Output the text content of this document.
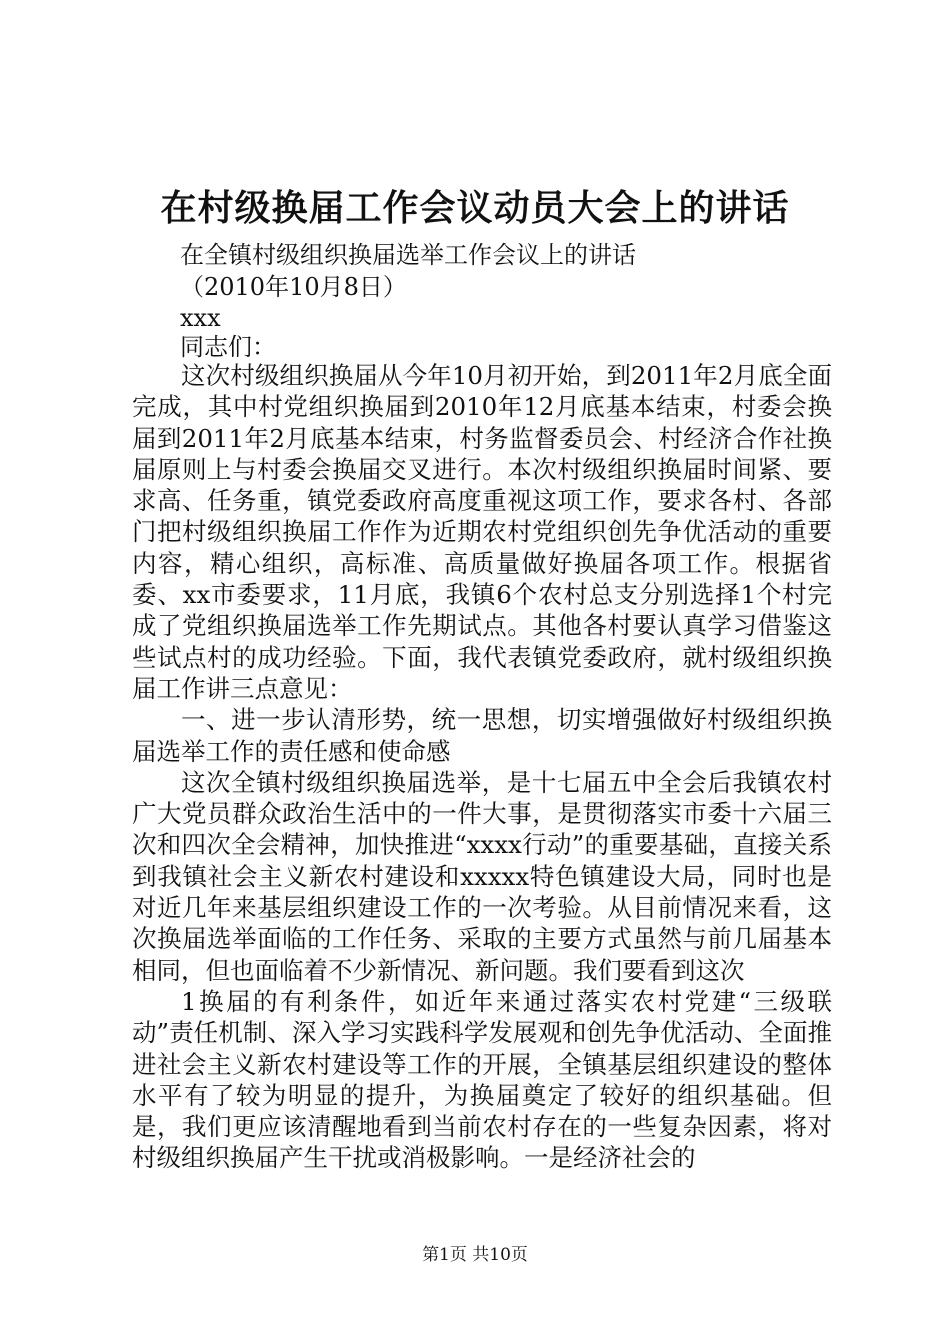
在村级换届工作会议动员大会上的讲话
在全镇村级组织换届选举工作会议上的讲话
（2010年10月8日）
xxx
同志们：

这次村级组织换届从今年10月初开始，到2011年2月底全面完成，其中村党组织换届到2010年12月底基本结束，村委会换届到2011年2月底基本结束，村务监督委员会、村经济合作社换届原则上与村委会换届交叉进行。本次村级组织换届时间紧、要求高、任务重，镇党委政府高度重视这项工作，要求各村、各部门把村级组织换届工作作为近期农村党组织创先争优活动的重要内容，精心组织，高标准、高质量做好换届各项工作。根据省委、xx市委要求，11月底，我镇6个农村总支分别选择1个村完成了党组织换届选举工作先期试点。其他各村要认真学习借鉴这些试点村的成功经验。下面，我代表镇党委政府，就村级组织换届工作讲三点意见：

一、进一步认清形势，统一思想，切实增强做好村级组织换届选举工作的责任感和使命感

这次全镇村级组织换届选举，是十七届五中全会后我镇农村广大党员群众政治生活中的一件大事，是贯彻落实市委十六届三次和四次全会精神，加快推进“xxxx行动”的重要基础，直接关系到我镇社会主义新农村建设和xxxxx特色镇建设大局，同时也是对近几年来基层组织建设工作的一次考验。从目前情况来看，这次换届选举面临的工作任务、采取的主要方式虽然与前几届基本相同，但也面临着不少新情况、新问题。我们要看到这次

1换届的有利条件，如近年来通过落实农村党建“三级联动”责任机制、深入学习实践科学发展观和创先争优活动、全面推进社会主义新农村建设等工作的开展，全镇基层组织建设的整体水平有了较为明显的提升，为换届奠定了较好的组织基础。但是，我们更应该清醒地看到当前农村存在的一些复杂因素，将对村级组织换届产生干扰或消极影响。一是经济社会的

第1页 共10页
